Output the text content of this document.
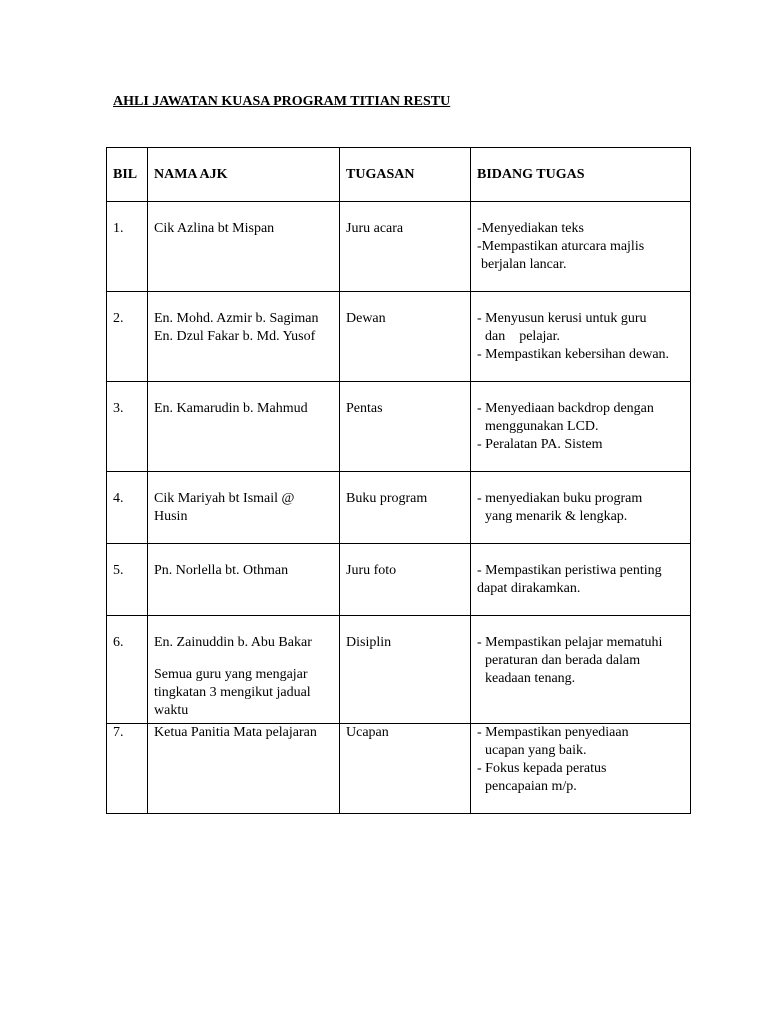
AHLI JAWATAN KUASA PROGRAM TITIAN RESTU
BIL	NAMA AJK	TUGASAN	BIDANG TUGAS

1.	Cik Azlina bt Mispan	Juru acara	-Menyediakan teks
-Mempastikan aturcara majlis
berjalan lancar.

2.	En. Mohd. Azmir b. Sagiman
En. Dzul Fakar b. Md. Yusof	Dewan	- Menyusun kerusi untuk guru
dan    pelajar.
- Mempastikan kebersihan dewan.

3.	En. Kamarudin b. Mahmud	Pentas	- Menyediaan backdrop dengan
menggunakan LCD.
- Peralatan PA. Sistem

4.	Cik Mariyah bt Ismail @
Husin	Buku program	- menyediakan buku program
yang menarik & lengkap.

5.	Pn. Norlella bt. Othman	Juru foto	- Mempastikan peristiwa penting
dapat dirakamkan.

6.	En. Zainuddin b. Abu Bakar
Semua guru yang mengajar
tingkatan 3 mengikut jadual
waktu	Disiplin	- Mempastikan pelajar mematuhi
peraturan dan berada dalam
keadaan tenang.

7.	Ketua Panitia Mata pelajaran	Ucapan	- Mempastikan penyediaan
ucapan yang baik.
- Fokus kepada peratus
pencapaian m/p.
